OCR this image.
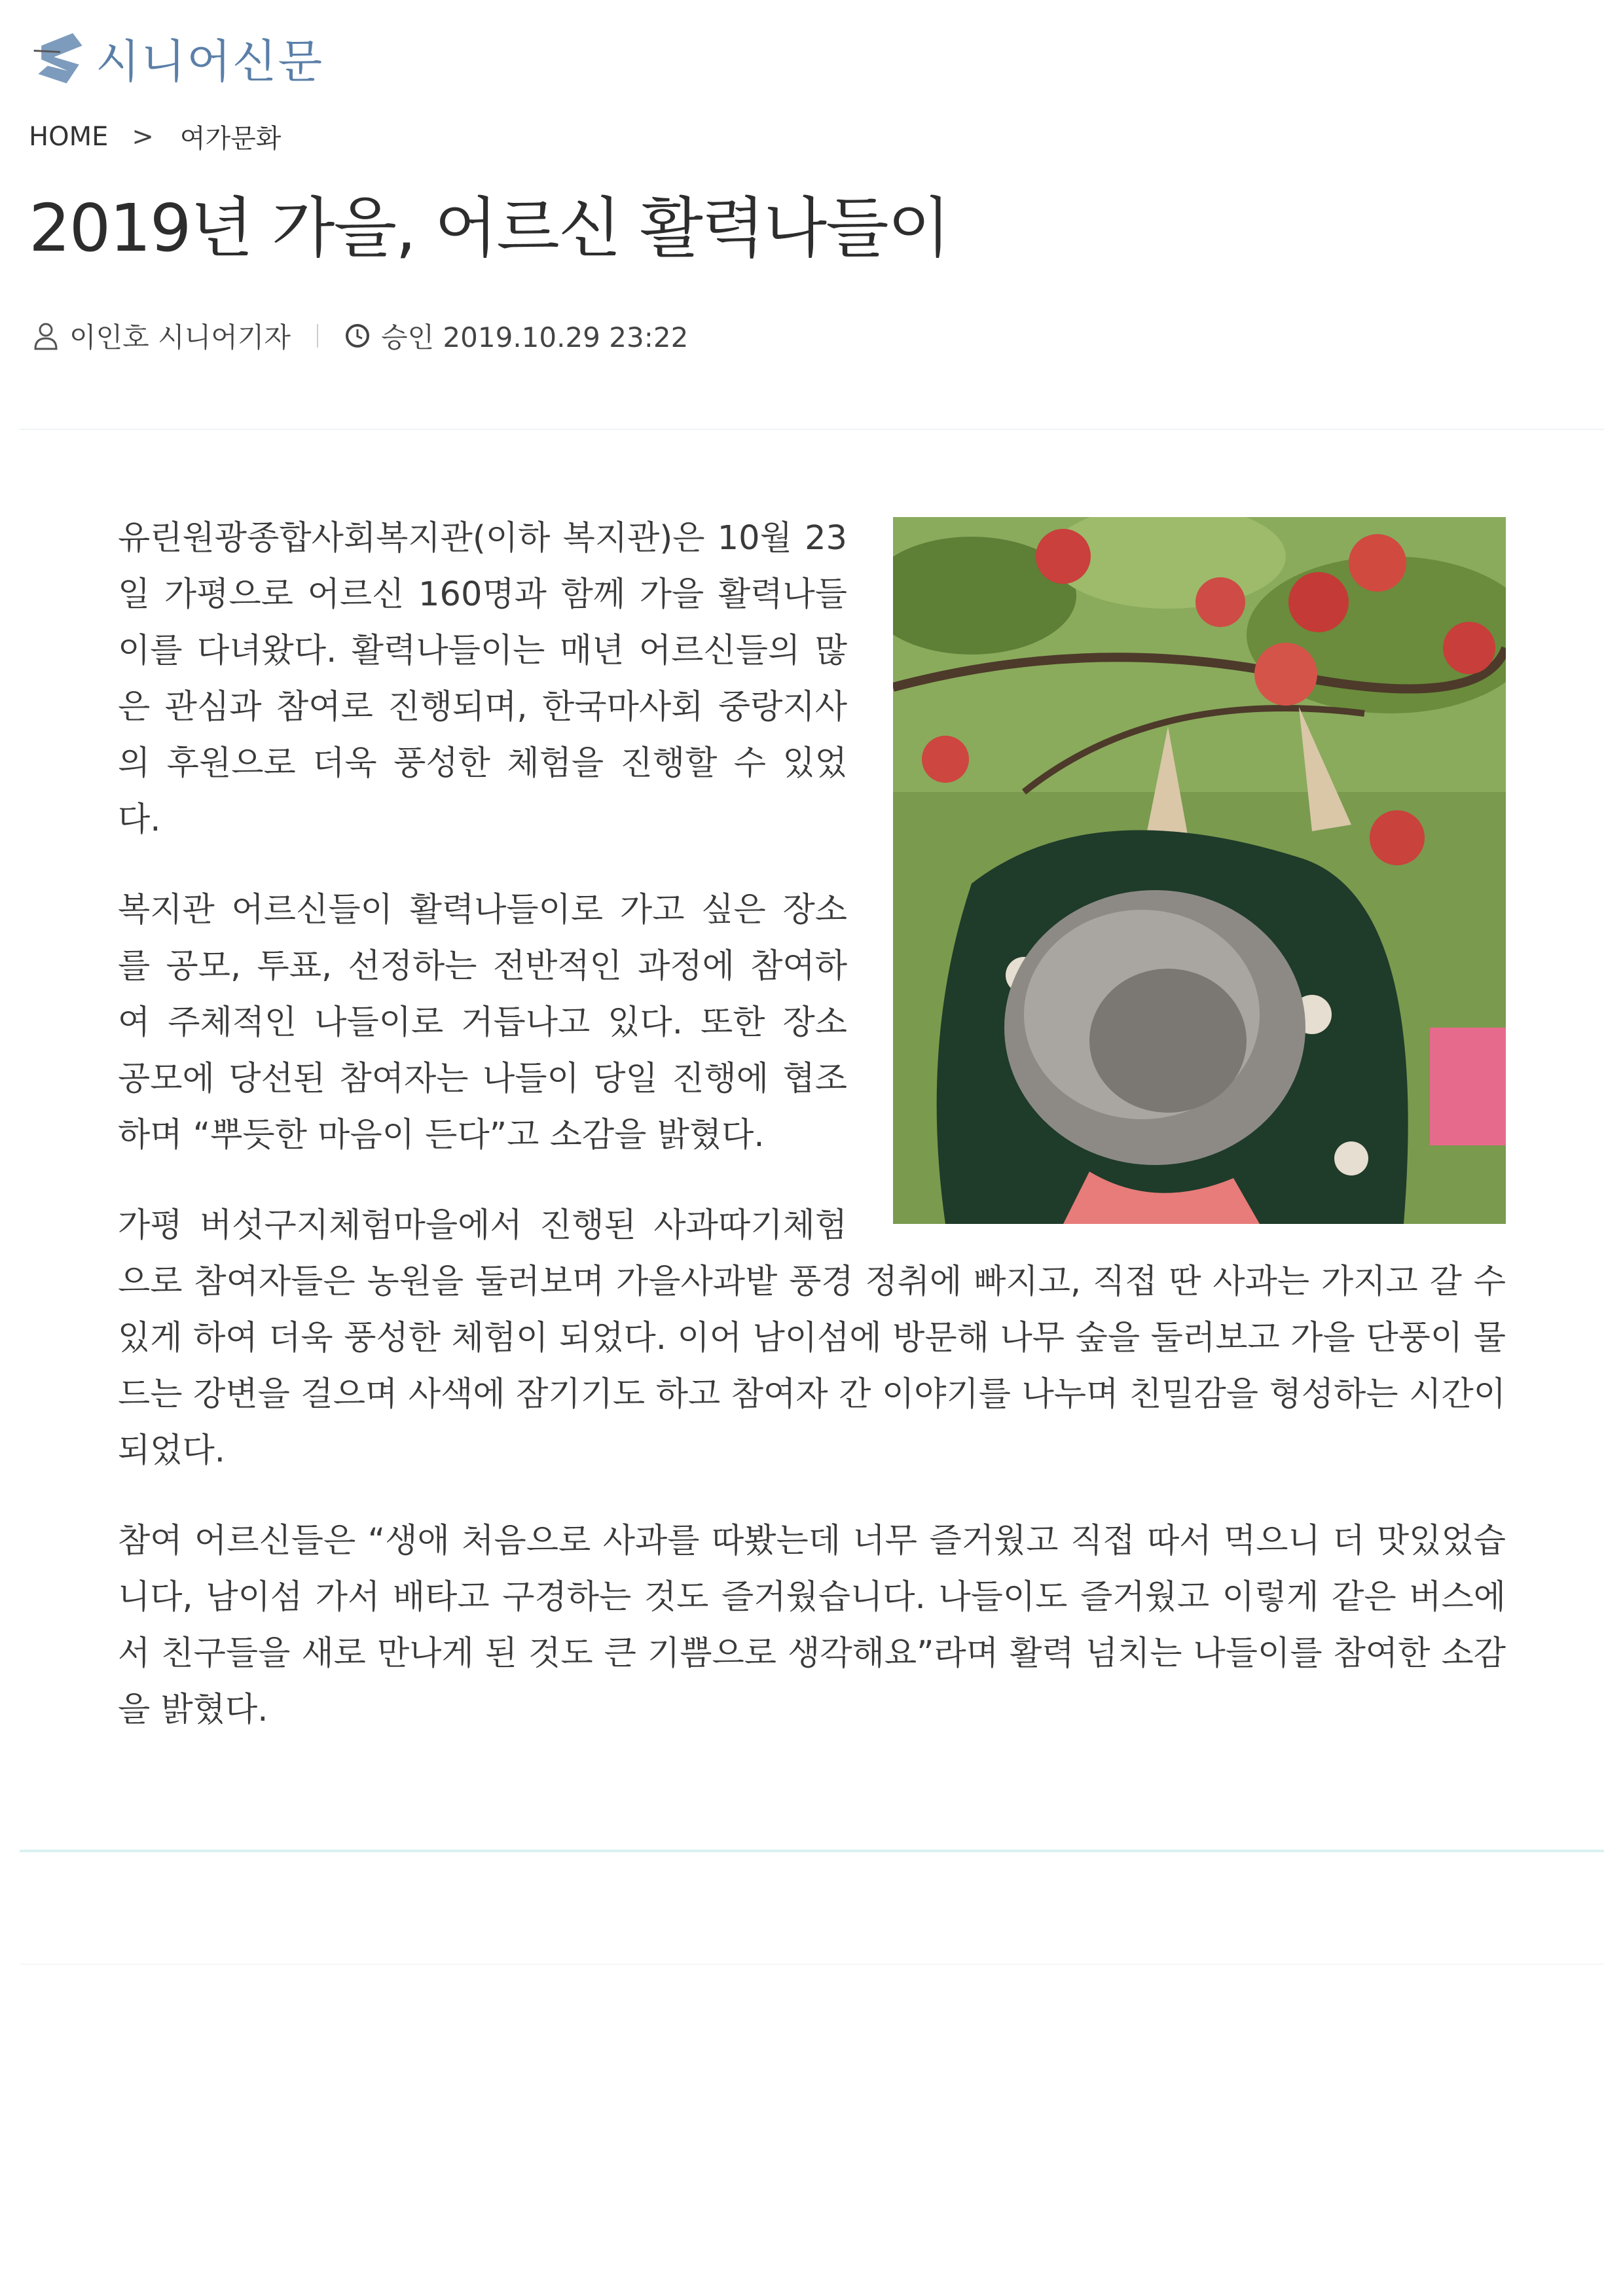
시니어신문
HOME > 여가문화
2019년 가을, 어르신 활력나들이
이인호 시니어기자	승인 2019.10.29 23:22

유린원광종합사회복지관(이하 복지관)은 10월 23일 가평으로 어르신 160명과 함께 가을 활력나들이를 다녀왔다. 활력나들이는 매년 어르신들의 많은 관심과 참여로 진행되며, 한국마사회 중랑지사의 후원으로 더욱 풍성한 체험을 진행할 수 있었다.

복지관 어르신들이 활력나들이로 가고 싶은 장소를 공모, 투표, 선정하는 전반적인 과정에 참여하여 주체적인 나들이로 거듭나고 있다. 또한 장소 공모에 당선된 참여자는 나들이 당일 진행에 협조하며 “뿌듯한 마음이 든다”고 소감을 밝혔다.

가평 버섯구지체험마을에서 진행된 사과따기체험으로 참여자들은 농원을 둘러보며 가을사과밭 풍경 정취에 빠지고, 직접 딴 사과는 가지고 갈 수 있게 하여 더욱 풍성한 체험이 되었다. 이어 남이섬에 방문해 나무 숲을 둘러보고 가을 단풍이 물드는 강변을 걸으며 사색에 잠기기도 하고 참여자 간 이야기를 나누며 친밀감을 형성하는 시간이 되었다.

참여 어르신들은 “생애 처음으로 사과를 따봤는데 너무 즐거웠고 직접 따서 먹으니 더 맛있었습니다, 남이섬 가서 배타고 구경하는 것도 즐거웠습니다. 나들이도 즐거웠고 이렇게 같은 버스에서 친구들을 새로 만나게 된 것도 큰 기쁨으로 생각해요”라며 활력 넘치는 나들이를 참여한 소감을 밝혔다.
